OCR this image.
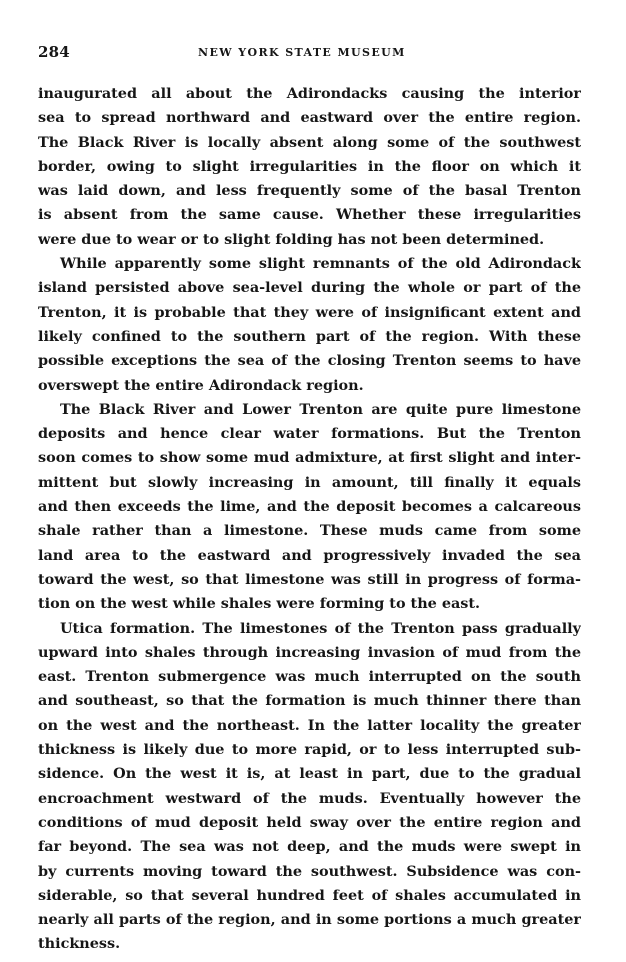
284	NEW YORK STATE MUSEUM
inaugurated all about the Adirondacks causing the interior
sea to spread northward and eastward over the entire region.
The Black River is locally absent along some of the southwest
border, owing to slight irregularities in the floor on which it
was laid down, and less frequently some of the basal Trenton
is absent from the same cause. Whether these irregularities
were due to wear or to slight folding has not been determined.
While apparently some slight remnants of the old Adirondack
island persisted above sea-level during the whole or part of the
Trenton, it is probable that they were of insignificant extent and
likely confined to the southern part of the region. With these
possible exceptions the sea of the closing Trenton seems to have
overswept the entire Adirondack region.
The Black River and Lower Trenton are quite pure limestone
deposits and hence clear water formations. But the Trenton
soon comes to show some mud admixture, at first slight and inter-
mittent but slowly increasing in amount, till finally it equals
and then exceeds the lime, and the deposit becomes a calcareous
shale rather than a limestone. These muds came from some
land area to the eastward and progressively invaded the sea
toward the west, so that limestone was still in progress of forma-
tion on the west while shales were forming to the east.
Utica formation. The limestones of the Trenton pass gradually
upward into shales through increasing invasion of mud from the
east. Trenton submergence was much interrupted on the south
and southeast, so that the formation is much thinner there than
on the west and the northeast. In the latter locality the greater
thickness is likely due to more rapid, or to less interrupted sub-
sidence. On the west it is, at least in part, due to the gradual
encroachment westward of the muds. Eventually however the
conditions of mud deposit held sway over the entire region and
far beyond. The sea was not deep, and the muds were swept in
by currents moving toward the southwest. Subsidence was con-
siderable, so that several hundred feet of shales accumulated in
nearly all parts of the region, and in some portions a much greater
thickness.
